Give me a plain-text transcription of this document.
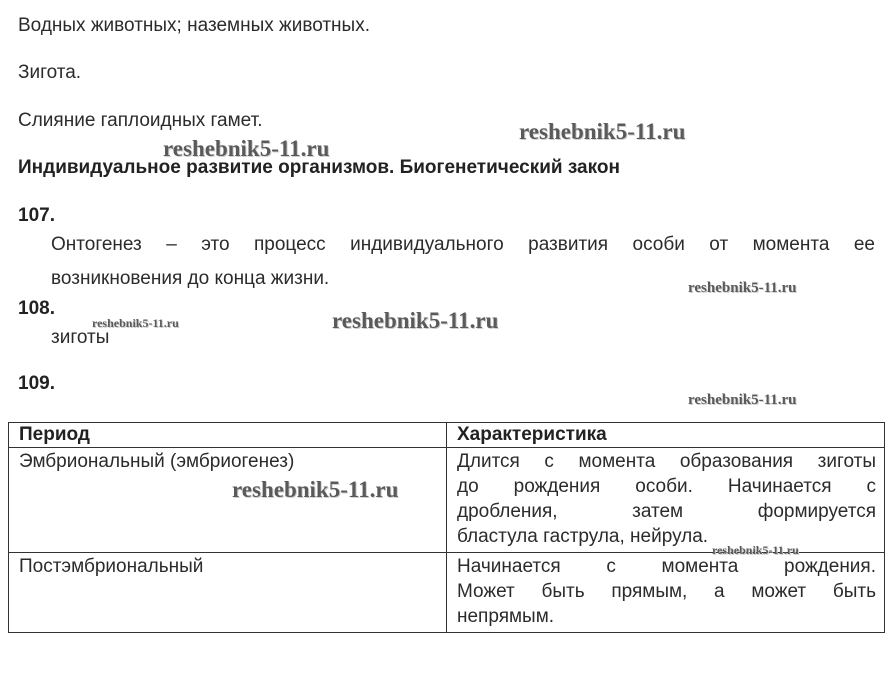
Водных животных; наземных животных.
Зигота.
Слияние гаплоидных гамет.	reshebnik5-11.ru
reshebnik5-11.ru
Индивидуальное развитие организмов. Биогенетический закон
107.
Онтогенез – это процесс индивидуального развития особи от момента ее
возникновения до конца жизни.	reshebnik5-11.ru
108.
reshebnik5-11.ru	reshebnik5-11.ru
зиготы
109.
reshebnik5-11.ru
Период	Характеристика
Эмбриональный (эмбриогенез)	Длится с момента образования зиготы
до рождения особи. Начинается с
дробления, затем формируется
бластула гаструла, нейрула.

Постэмбриональный	Начинается с момента рождения.
Может быть прямым, а может быть
непрямым.
reshebnik5-11.ru
reshebnik5-11.ru
